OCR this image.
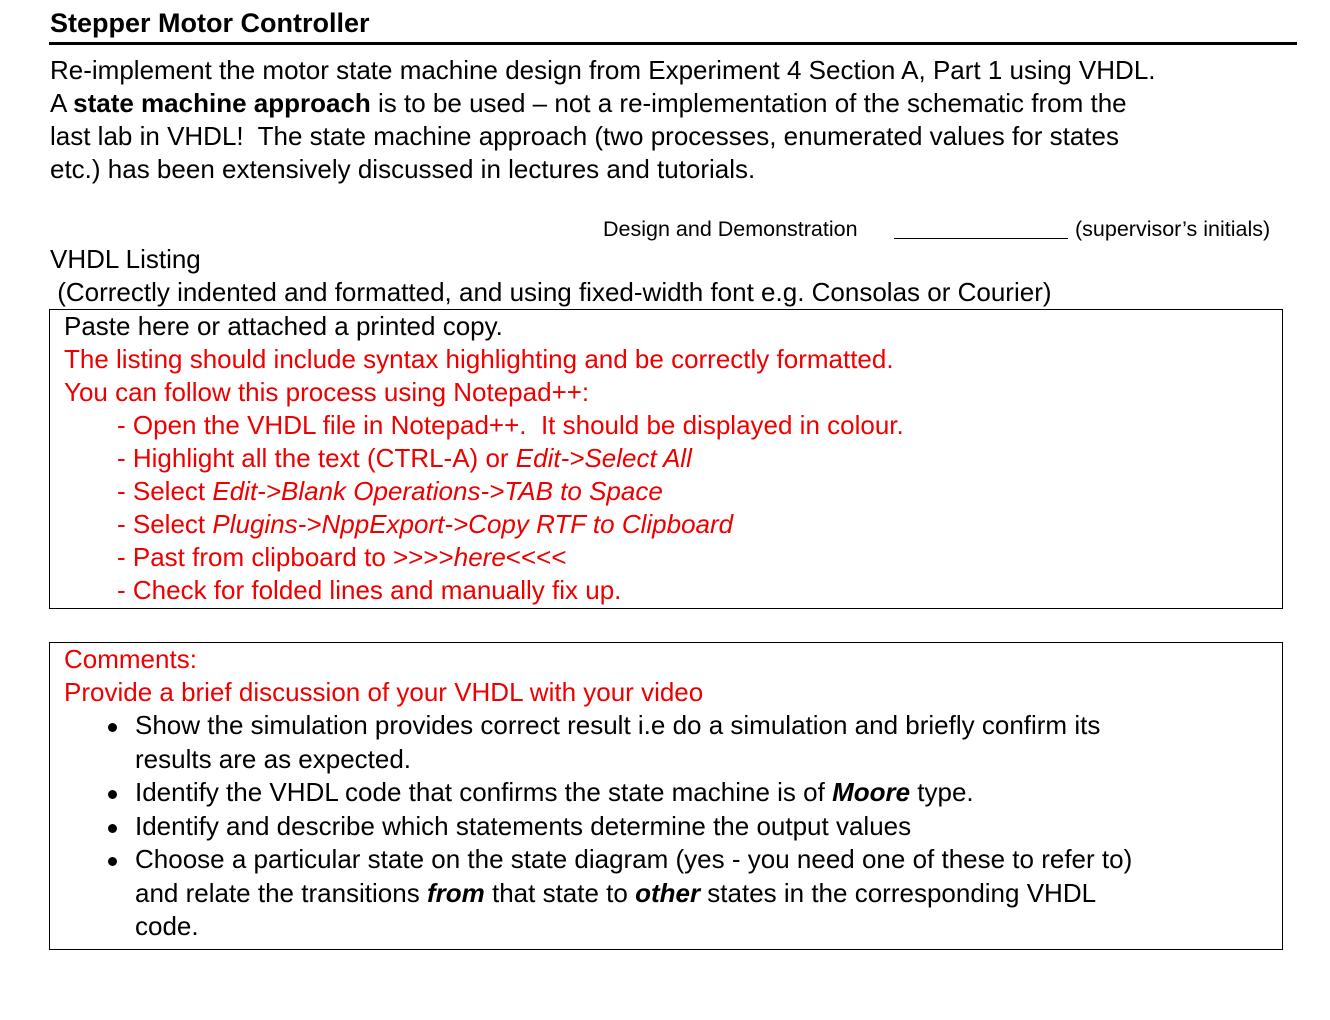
Stepper Motor Controller
Re-implement the motor state machine design from Experiment 4 Section A, Part 1 using VHDL.
A state machine approach is to be used – not a re-implementation of the schematic from the
last lab in VHDL!  The state machine approach (two processes, enumerated values for states
etc.) has been extensively discussed in lectures and tutorials.
Design and Demonstration	(supervisor’s initials)
VHDL Listing
(Correctly indented and formatted, and using fixed-width font e.g. Consolas or Courier)
Paste here or attached a printed copy.
The listing should include syntax highlighting and be correctly formatted.
You can follow this process using Notepad++:
- Open the VHDL file in Notepad++.  It should be displayed in colour.
- Highlight all the text (CTRL-A) or Edit->Select All
- Select Edit->Blank Operations->TAB to Space
- Select Plugins->NppExport->Copy RTF to Clipboard
- Past from clipboard to >>>>here<<<<
- Check for folded lines and manually fix up.
Comments:
Provide a brief discussion of your VHDL with your video
Show the simulation provides correct result i.e do a simulation and briefly confirm its
results are as expected.
Identify the VHDL code that confirms the state machine is of Moore type.
Identify and describe which statements determine the output values
Choose a particular state on the state diagram (yes - you need one of these to refer to)
and relate the transitions from that state to other states in the corresponding VHDL
code.
